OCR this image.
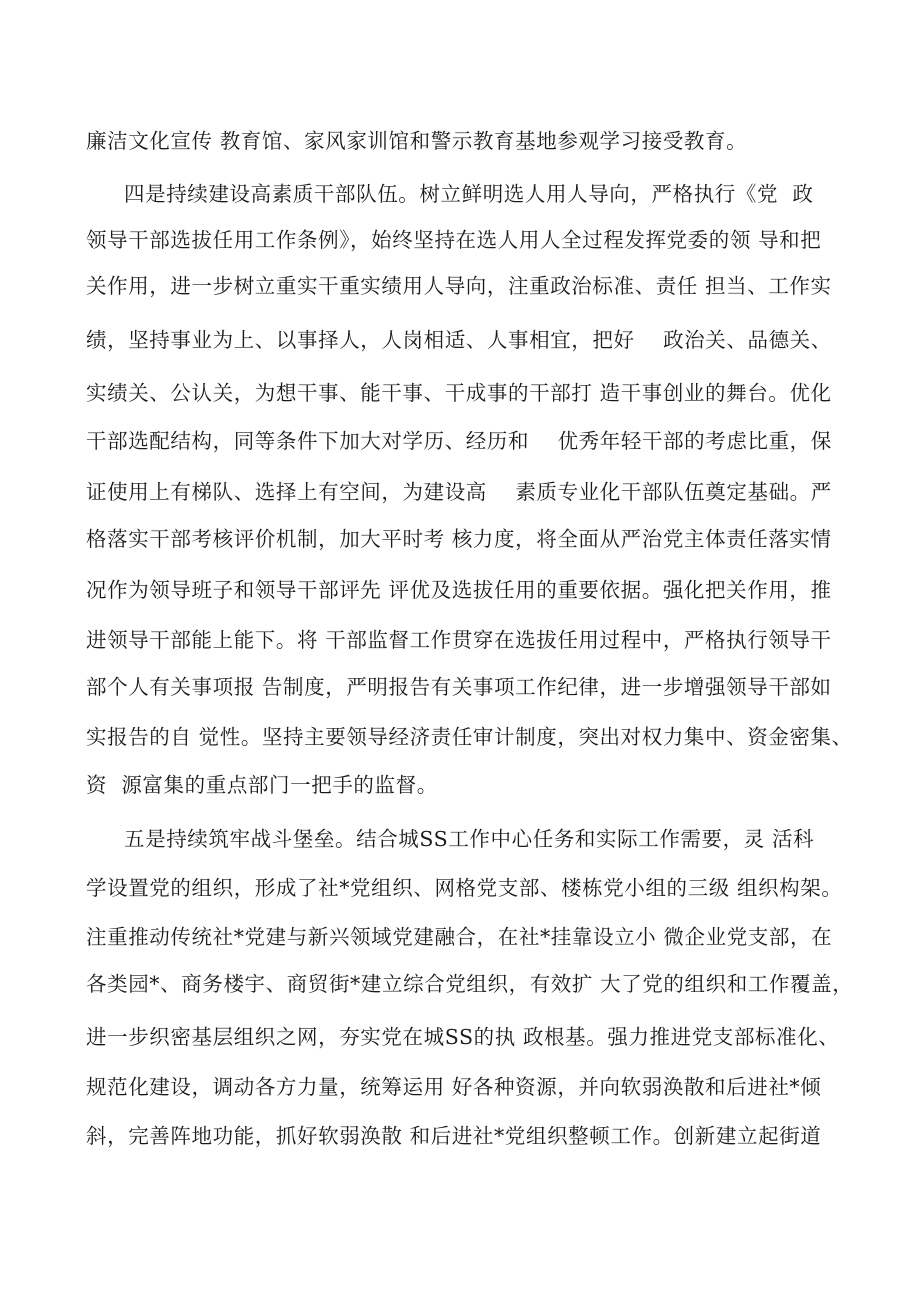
廉洁文化宣传 教育馆、家风家训馆和警示教育基地参观学习接受教育。
四是持续建设高素质干部队伍。树立鲜明选人用人导向，严格执行《党  政
领导干部选拔任用工作条例》，始终坚持在选人用人全过程发挥党委的领 导和把
关作用，进一步树立重实干重实绩用人导向，注重政治标准、责任 担当、工作实
绩，坚持事业为上、以事择人，人岗相适、人事相宜，把好    政治关、品德关、
实绩关、公认关，为想干事、能干事、干成事的干部打 造干事创业的舞台。优化
干部选配结构，同等条件下加大对学历、经历和    优秀年轻干部的考虑比重，保
证使用上有梯队、选择上有空间，为建设高    素质专业化干部队伍奠定基础。严
格落实干部考核评价机制，加大平时考 核力度，将全面从严治党主体责任落实情
况作为领导班子和领导干部评先 评优及选拔任用的重要依据。强化把关作用，推
进领导干部能上能下。将 干部监督工作贯穿在选拔任用过程中，严格执行领导干
部个人有关事项报 告制度，严明报告有关事项工作纪律，进一步增强领导干部如
实报告的自 觉性。坚持主要领导经济责任审计制度，突出对权力集中、资金密集、
资  源富集的重点部门一把手的监督。
五是持续筑牢战斗堡垒。结合城SS工作中心任务和实际工作需要，灵 活科
学设置党的组织，形成了社*党组织、网格党支部、楼栋党小组的三级 组织构架。
注重推动传统社*党建与新兴领域党建融合，在社*挂靠设立小 微企业党支部，在
各类园*、商务楼宇、商贸街*建立综合党组织，有效扩 大了党的组织和工作覆盖，
进一步织密基层组织之网，夯实党在城SS的执 政根基。强力推进党支部标准化、
规范化建设，调动各方力量，统筹运用 好各种资源，并向软弱涣散和后进社*倾
斜，完善阵地功能，抓好软弱涣散 和后进社*党组织整顿工作。创新建立起街道
